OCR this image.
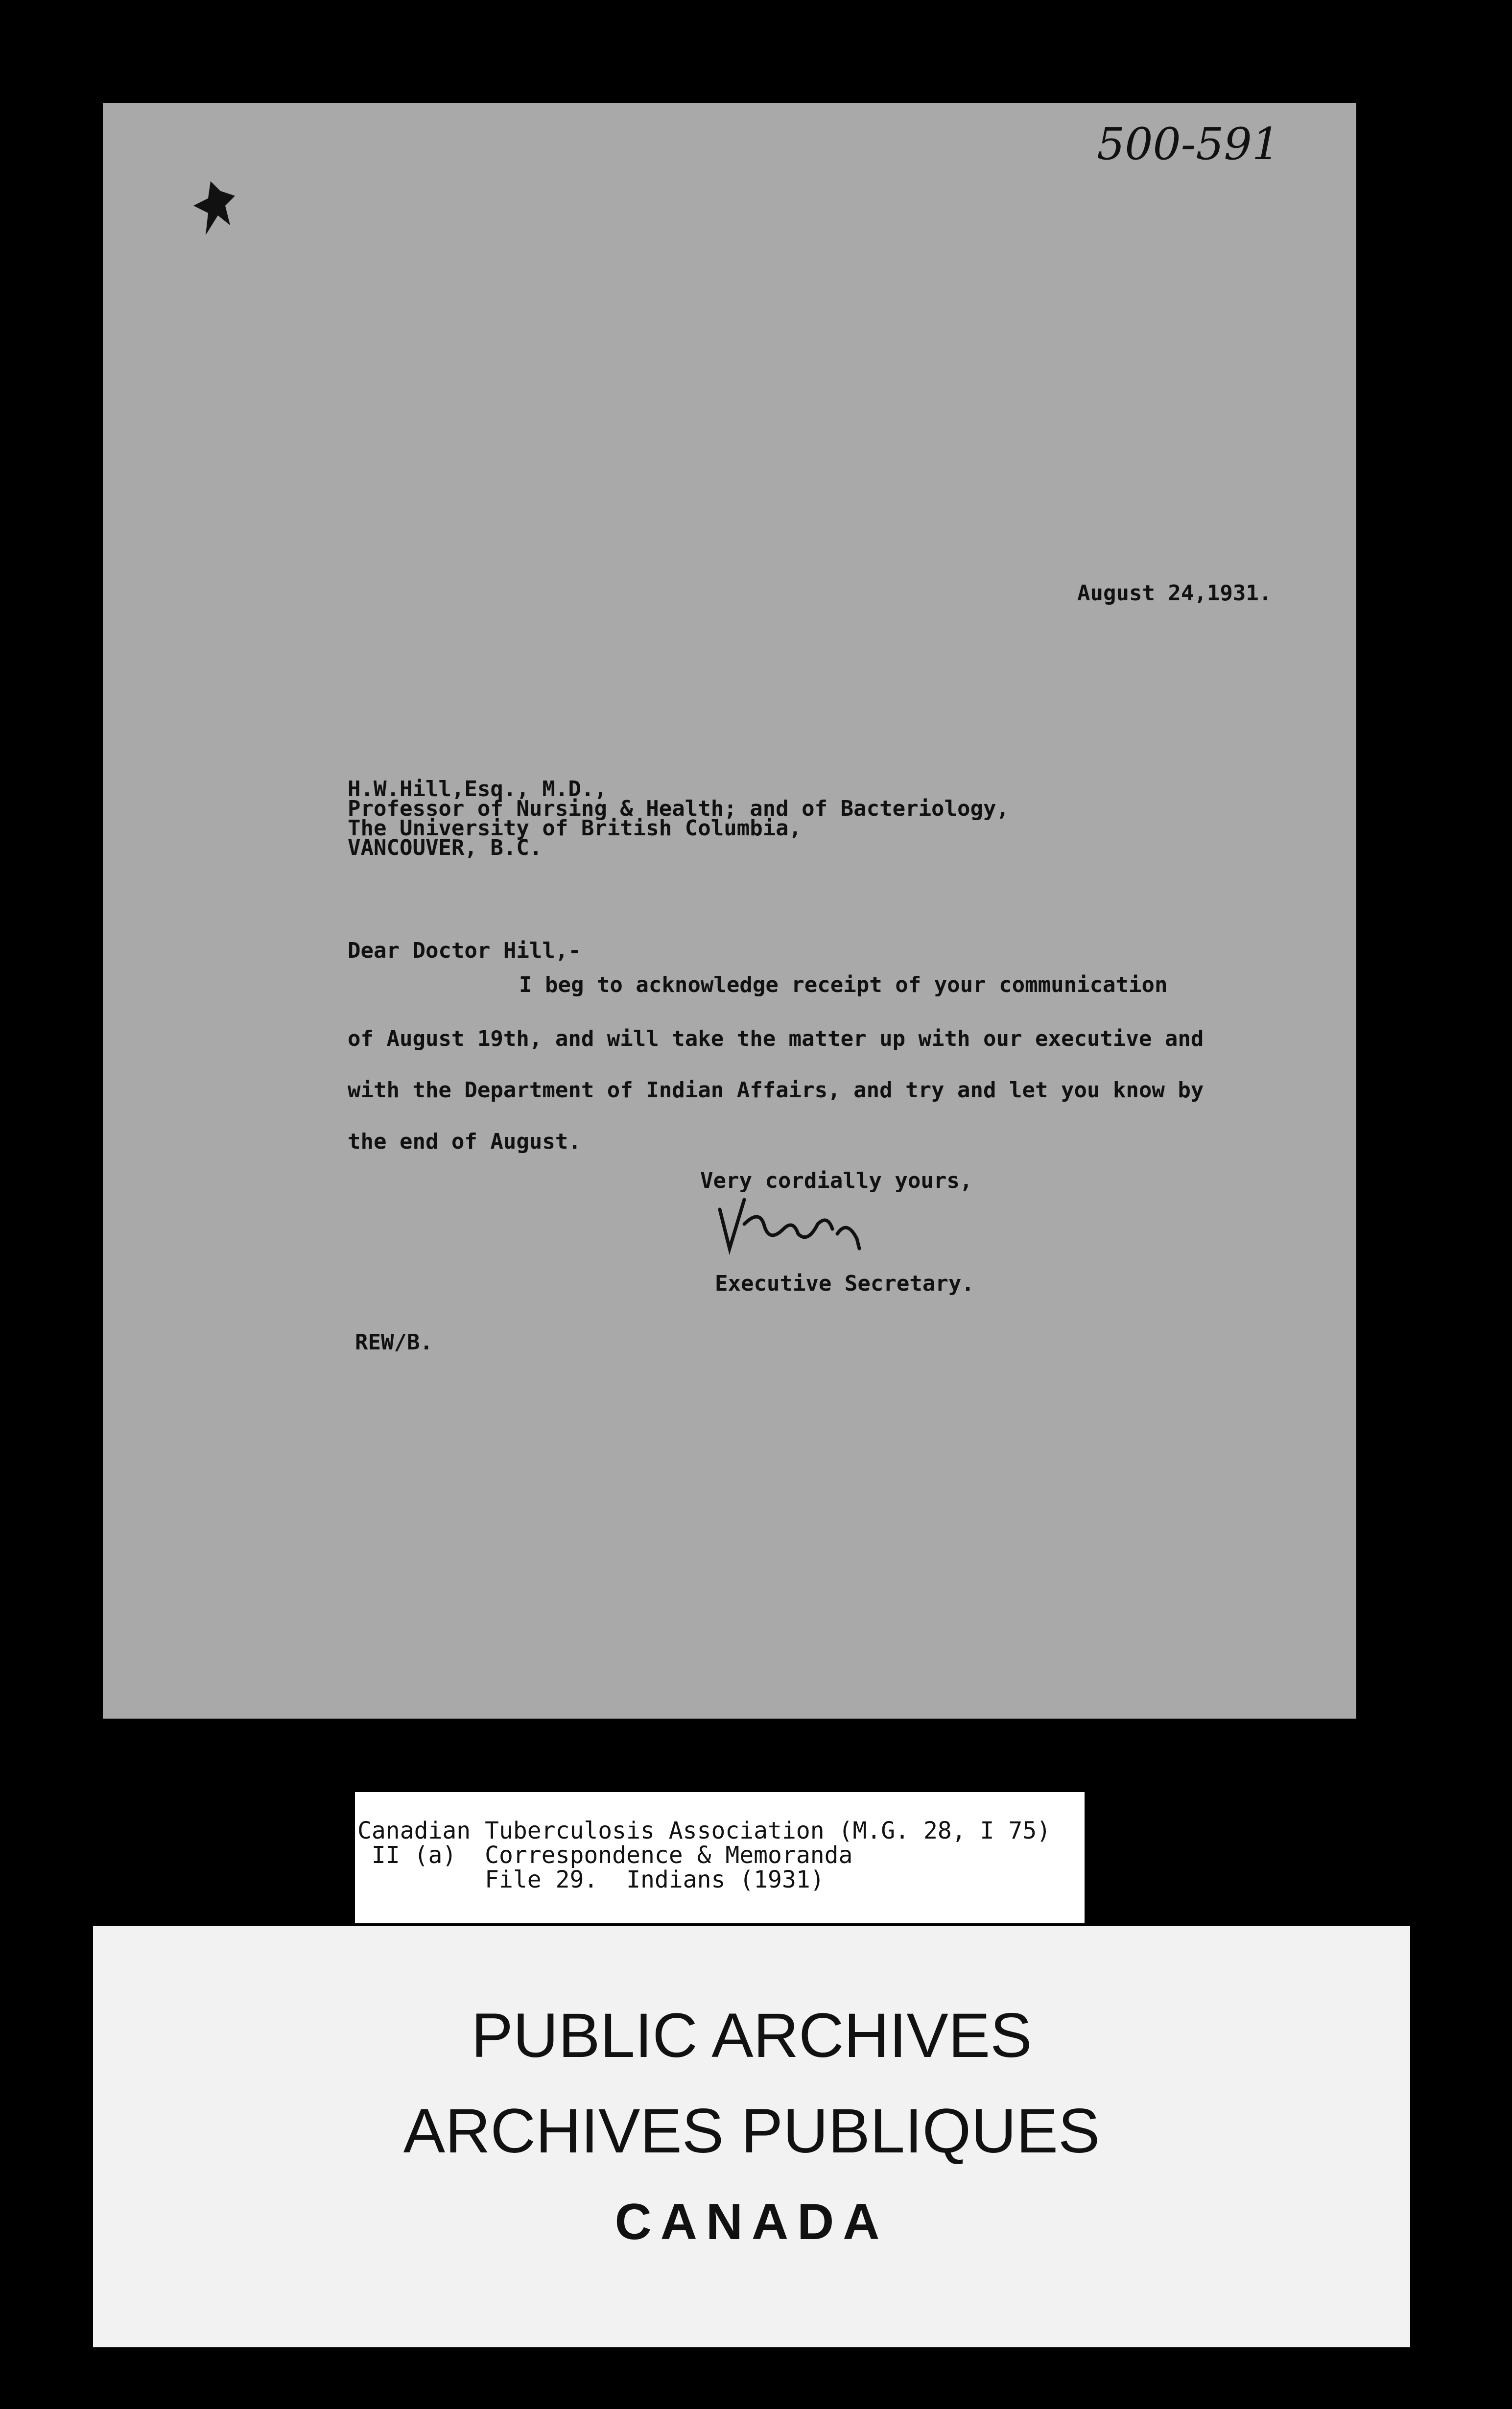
500-591
August 24,1931.
H.W.Hill,Esq., M.D.,
Professor of Nursing & Health; and of Bacteriology,
The University of British Columbia,
VANCOUVER, B.C.
Dear Doctor Hill,-
I beg to acknowledge receipt of your communication
of August 19th, and will take the matter up with our executive and
with the Department of Indian Affairs, and try and let you know by
the end of August.
Very cordially yours,
Executive Secretary.
REW/B.
Canadian Tuberculosis Association (M.G. 28, I 75)
II (a)  Correspondence & Memoranda
File 29.  Indians (1931)
PUBLIC ARCHIVES
ARCHIVES PUBLIQUES
CANADA
